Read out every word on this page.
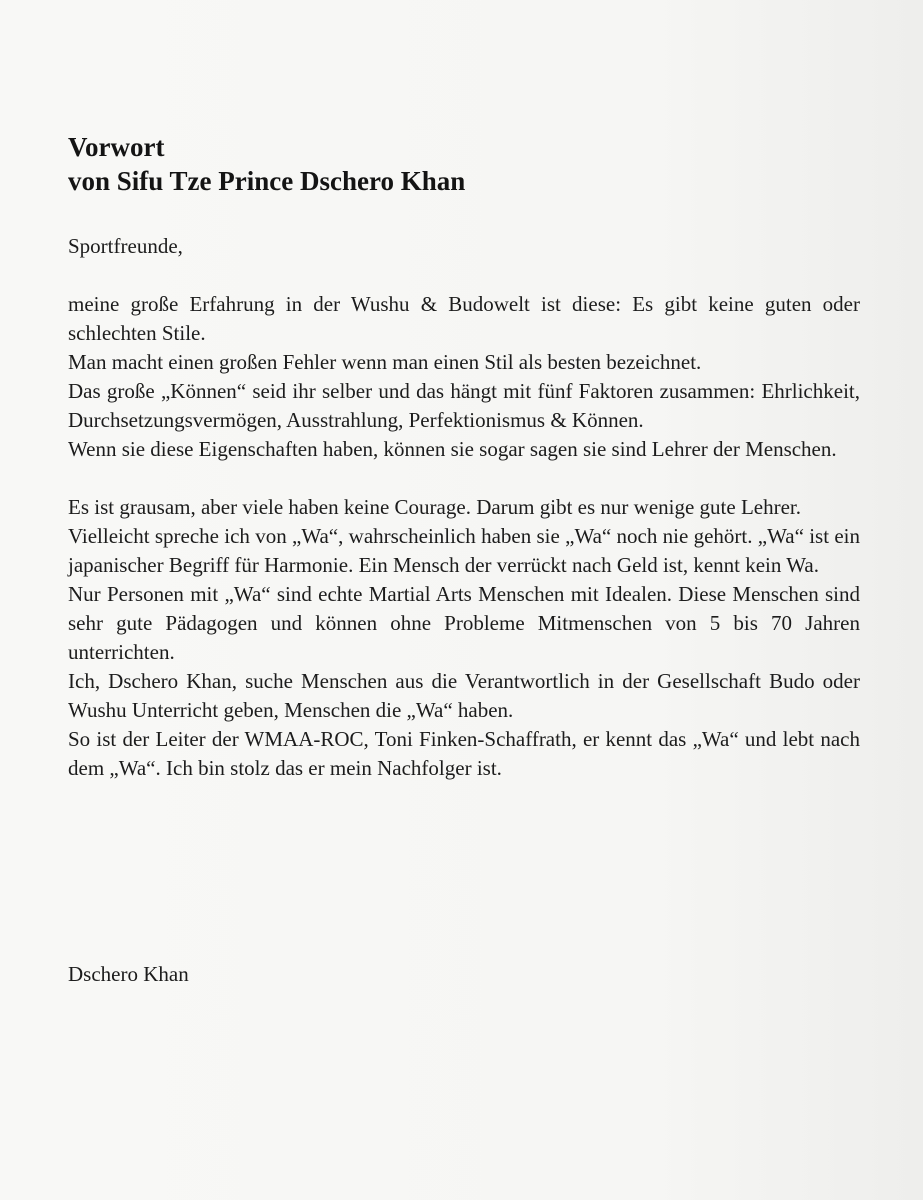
Vorwort
von Sifu Tze Prince Dschero Khan

Sportfreunde,

meine große Erfahrung in der Wushu & Budowelt ist diese: Es gibt keine guten oder schlechten Stile.

Man macht einen großen Fehler wenn man einen Stil als besten bezeichnet.

Das große „Können“ seid ihr selber und das hängt mit fünf Faktoren zusammen: Ehrlichkeit, Durchsetzungsvermögen, Ausstrahlung, Perfektionismus & Können.

Wenn sie diese Eigenschaften haben, können sie sogar sagen sie sind Lehrer der Menschen.

Es ist grausam, aber viele haben keine Courage. Darum gibt es nur wenige gute Lehrer.

Vielleicht spreche ich von „Wa“, wahrscheinlich haben sie „Wa“ noch nie gehört. „Wa“ ist ein japanischer Begriff für Harmonie. Ein Mensch der verrückt nach Geld ist, kennt kein Wa.

Nur Personen mit „Wa“ sind echte Martial Arts Menschen mit Idealen. Diese Menschen sind sehr gute Pädagogen und können ohne Probleme Mitmenschen von 5 bis 70 Jahren unterrichten.

Ich, Dschero Khan, suche Menschen aus die Verantwortlich in der Gesellschaft Budo oder Wushu Unterricht geben, Menschen die „Wa“ haben.

So ist der Leiter der WMAA-ROC, Toni Finken-Schaffrath, er kennt das „Wa“ und lebt nach dem „Wa“. Ich bin stolz das er mein Nachfolger ist.

Dschero Khan
